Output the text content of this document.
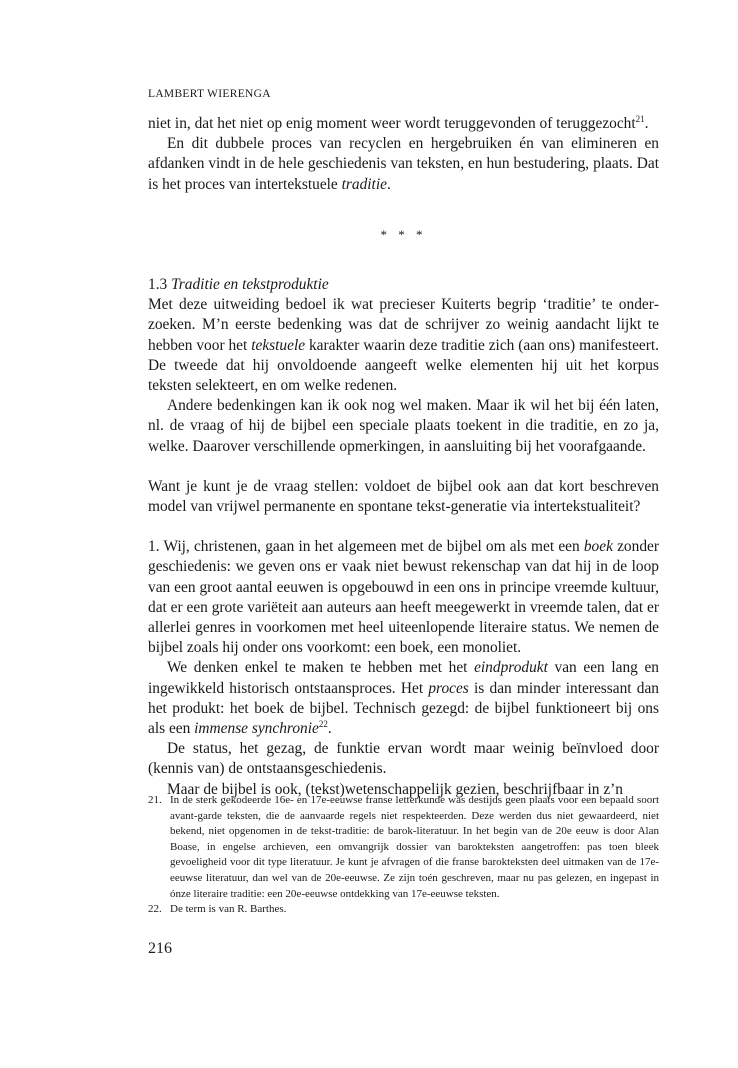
LAMBERT WIERENGA

niet in, dat het niet op enig moment weer wordt teruggevonden of teruggezocht$^{21}$.

En dit dubbele proces van recyclen en hergebruiken én van elimineren en afdanken vindt in de hele geschiedenis van teksten, en hun bestudering, plaats. Dat is het proces van intertekstuele traditie.

* * *

1.3 Traditie en tekstproduktie

Met deze uitweiding bedoel ik wat precieser Kuiterts begrip ‘traditie’ te onderzoeken. M’n eerste bedenking was dat de schrijver zo weinig aandacht lijkt te hebben voor het tekstuele karakter waarin deze traditie zich (aan ons) manifesteert. De tweede dat hij onvoldoende aangeeft welke elementen hij uit het korpus teksten selekteert, en om welke redenen.

Andere bedenkingen kan ik ook nog wel maken. Maar ik wil het bij één laten, nl. de vraag of hij de bijbel een speciale plaats toekent in die traditie, en zo ja, welke. Daarover verschillende opmerkingen, in aansluiting bij het voorafgaande.

Want je kunt je de vraag stellen: voldoet de bijbel ook aan dat kort beschreven model van vrijwel permanente en spontane tekst-generatie via intertekstualiteit?

1. Wij, christenen, gaan in het algemeen met de bijbel om als met een boek zonder geschiedenis: we geven ons er vaak niet bewust rekenschap van dat hij in de loop van een groot aantal eeuwen is opgebouwd in een ons in principe vreemde kultuur, dat er een grote variëteit aan auteurs aan heeft meegewerkt in vreemde talen, dat er allerlei genres in voorkomen met heel uiteenlopende literaire status. We nemen de bijbel zoals hij onder ons voorkomt: een boek, een monoliet.

We denken enkel te maken te hebben met het eindprodukt van een lang en ingewikkeld historisch ontstaansproces. Het proces is dan minder interessant dan het produkt: het boek de bijbel. Technisch gezegd: de bijbel funktioneert bij ons als een immense synchronie$^{22}$.

De status, het gezag, de funktie ervan wordt maar weinig beïnvloed door (kennis van) de ontstaansgeschiedenis.

Maar de bijbel is ook, (tekst)wetenschappelijk gezien, beschrijfbaar in z’n

21. In de sterk gekodeerde 16e- en 17e-eeuwse franse letterkunde was destijds geen plaats voor een bepaald soort avant-garde teksten, die de aanvaarde regels niet respekteerden. Deze werden dus niet gewaardeerd, niet bekend, niet opgenomen in de tekst-traditie: de barok-literatuur. In het begin van de 20e eeuw is door Alan Boase, in engelse archieven, een omvangrijk dossier van barokteksten aangetroffen: pas toen bleek gevoeligheid voor dit type literatuur. Je kunt je afvragen of die franse barokteksten deel uitmaken van de 17e-eeuwse literatuur, dan wel van de 20e-eeuwse. Ze zijn toén geschreven, maar nu pas gelezen, en ingepast in ónze literaire traditie: een 20e-eeuwse ontdekking van 17e-eeuwse teksten.
22. De term is van R. Barthes.
216
